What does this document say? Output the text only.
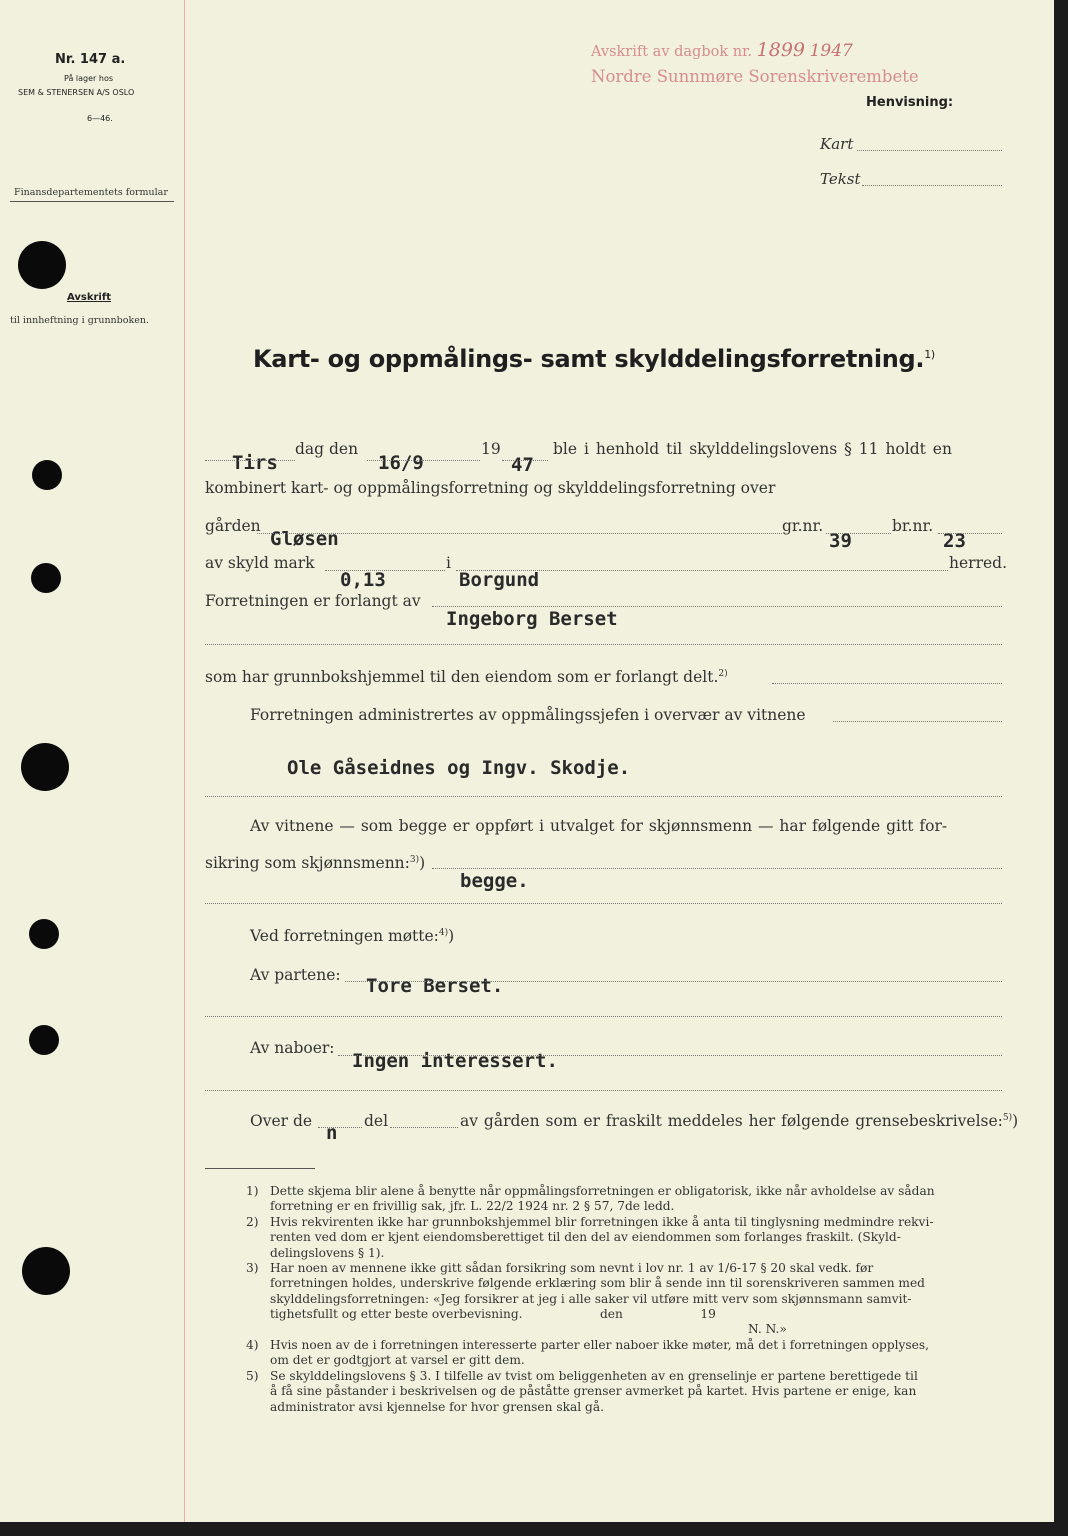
Nr. 147 a.
På lager hos
SEM & STENERSEN A/S OSLO
6—46.
Finansdepartementets formular
Avskrift
til innheftning i grunnboken.
Avskrift av dagbok nr. 1899 1947
Nordre Sunnmøre Sorenskriverembete
Henvisning:
Kart
Tekst
Kart- og oppmålings- samt skylddelingsforretning.$^{1)}$
Tirs
dag den
16/9
19
47
ble i henhold til skylddelingslovens § 11 holdt en
kombinert kart- og oppmålingsforretning og skylddelingsforretning over
gården
Gløsen
gr.nr.
39
br.nr.
23
av skyld mark
0,13
i
Borgund
herred.
Forretningen er forlangt av
Ingeborg Berset
som har grunnbokshjemmel til den eiendom som er forlangt delt.$^{2)}$
Forretningen administrertes av oppmålingssjefen i overvær av vitnene
Ole Gåseidnes og Ingv. Skodje.
Av vitnene — som begge er oppført i utvalget for skjønnsmenn — har følgende gitt for-
sikring som skjønnsmenn:$^{3)}$)
begge.
Ved forretningen møtte:$^{4)}$)
Av partene: Tore Berset.
Av naboer:
Ingen interessert.
Over de
n
del	av gården som er fraskilt meddeles her følgende grensebeskrivelse:$^{5)}$)
1) Dette skjema blir alene å benytte når oppmålingsforretningen er obligatorisk, ikke når avholdelse av sådan
forretning er en frivillig sak, jfr. L. 22/2 1924 nr. 2 § 57, 7de ledd.
2) Hvis rekvirenten ikke har grunnbokshjemmel blir forretningen ikke å anta til tinglysning medmindre rekvi-
renten ved dom er kjent eiendomsberettiget til den del av eiendommen som forlanges fraskilt. (Skyld-
delingslovens § 1).
3) Har noen av mennene ikke gitt sådan forsikring som nevnt i lov nr. 1 av 1/6-17 § 20 skal vedk. før
forretningen holdes, underskrive følgende erklæring som blir å sende inn til sorenskriveren sammen med
skylddelingsforretningen: «Jeg forsikrer at jeg i alle saker vil utføre mitt verv som skjønnsmann samvit-
tighetsfullt og etter beste overbevisning.                    den                    19
N. N.»
4) Hvis noen av de i forretningen interesserte parter eller naboer ikke møter, må det i forretningen opplyses,
om det er godtgjort at varsel er gitt dem.
5) Se skylddelingslovens § 3. I tilfelle av tvist om beliggenheten av en grenselinje er partene berettigede til
å få sine påstander i beskrivelsen og de påståtte grenser avmerket på kartet. Hvis partene er enige, kan
administrator avsi kjennelse for hvor grensen skal gå.
